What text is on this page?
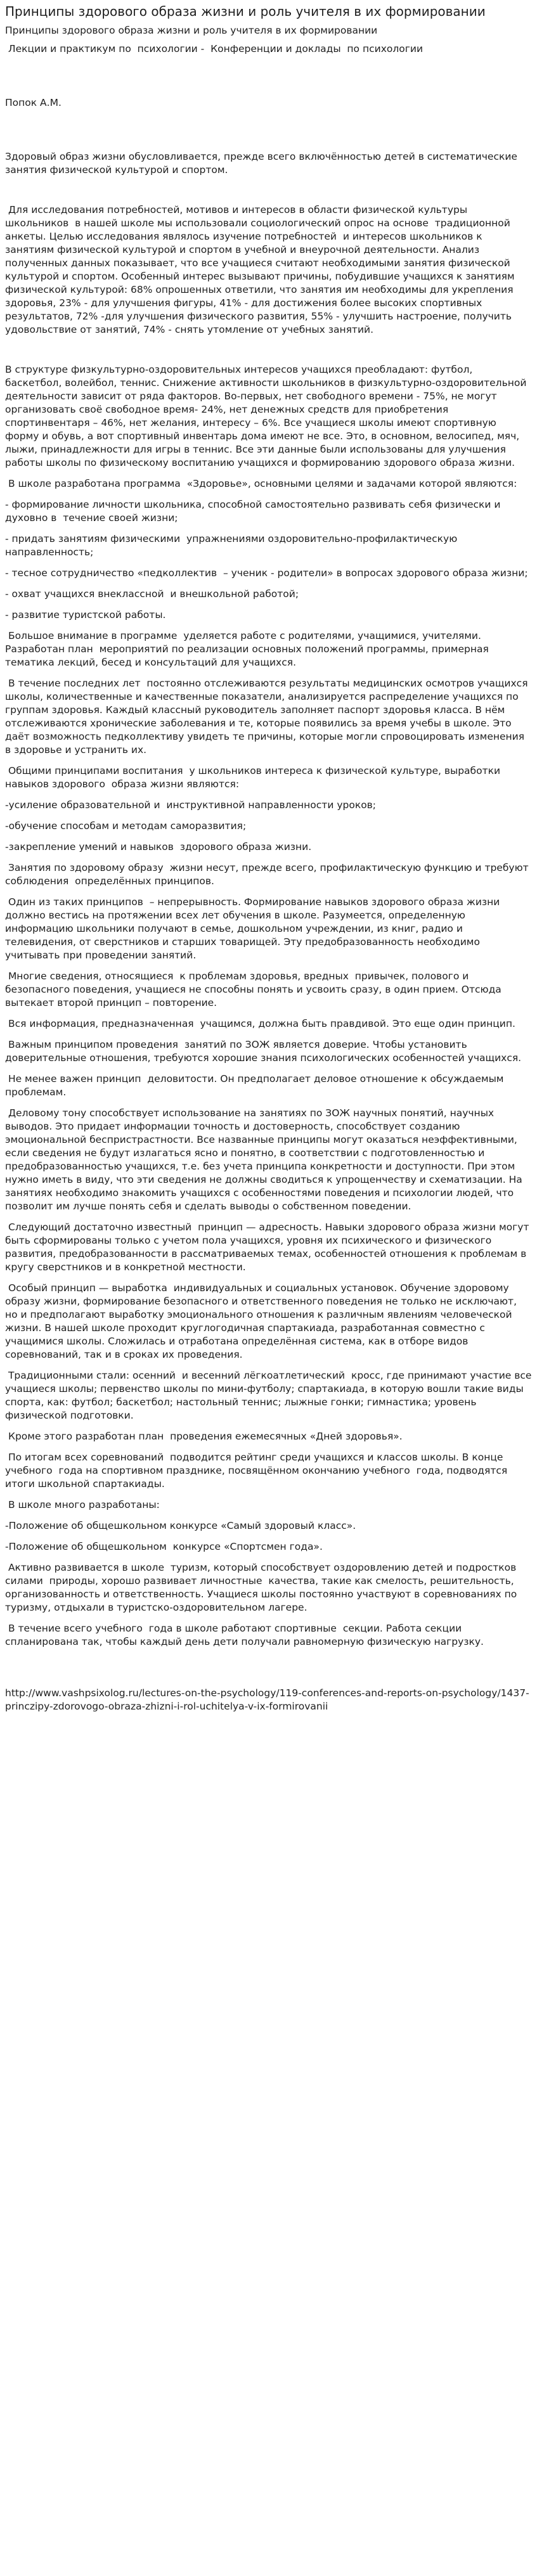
Принципы здорового образа жизни и роль учителя в их формировании
Принципы здорового образа жизни и роль учителя в их формировании
Лекции и практикум по  психологии -  Конференции и доклады  по психологии
Попок А.М.
Здоровый образ жизни обусловливается, прежде всего включённостью детей в систематические занятия физической культурой и спортом.
Для исследования потребностей, мотивов и интересов в области физической культуры школьников  в нашей школе мы использовали социологический опрос на основе  традиционной анкеты. Целью исследования являлось изучение потребностей  и интересов школьников к занятиям физической культурой и спортом в учебной и внеурочной деятельности. Анализ полученных данных показывает, что все учащиеся считают необходимыми занятия физической культурой и спортом. Особенный интерес вызывают причины, побудившие учащихся к занятиям физической культурой: 68% опрошенных ответили, что занятия им необходимы для укрепления здоровья, 23% - для улучшения фигуры, 41% - для достижения более высоких спортивных результатов, 72% -для улучшения физического развития, 55% - улучшить настроение, получить удовольствие от занятий, 74% - снять утомление от учебных занятий.
В структуре физкультурно-оздоровительных интересов учащихся преобладают: футбол, баскетбол, волейбол, теннис. Снижение активности школьников в физкультурно-оздоровительной деятельности зависит от ряда факторов. Во-первых, нет свободного времени - 75%, не могут организовать своё свободное время- 24%, нет денежных средств для приобретения спортинвентаря – 46%, нет желания, интересу – 6%. Все учащиеся школы имеют спортивную форму и обувь, а вот спортивный инвентарь дома имеют не все. Это, в основном, велосипед, мяч, лыжи, принадлежности для игры в теннис. Все эти данные были использованы для улучшения работы школы по физическому воспитанию учащихся и формированию здорового образа жизни.
В школе разработана программа  «Здоровье», основными целями и задачами которой являются:
- формирование личности школьника, способной самостоятельно развивать себя физически и духовно в  течение своей жизни;
- придать занятиям физическими  упражнениями оздоровительно-профилактическую  направленность;
- тесное сотрудничество «педколлектив  – ученик - родители» в вопросах здорового образа жизни;
- охват учащихся внеклассной  и внешкольной работой;
- развитие туристской работы.
Большое внимание в программе  уделяется работе с родителями, учащимися, учителями. Разработан план  мероприятий по реализации основных положений программы, примерная тематика лекций, бесед и консультаций для учащихся.
В течение последних лет  постоянно отслеживаются результаты медицинских осмотров учащихся  школы, количественные и качественные показатели, анализируется распределение учащихся по группам здоровья. Каждый классный руководитель заполняет паспорт здоровья класса. В нём отслеживаются хронические заболевания и те, которые появились за время учебы в школе. Это даёт возможность педколлективу увидеть те причины, которые могли спровоцировать изменения в здоровье и устранить их.
Общими принципами воспитания  у школьников интереса к физической культуре, выработки навыков здорового  образа жизни являются:
-усиление образовательной и  инструктивной направленности уроков;
-обучение способам и методам саморазвития;
-закрепление умений и навыков  здорового образа жизни.
Занятия по здоровому образу  жизни несут, прежде всего, профилактическую функцию и требуют соблюдения  определённых принципов.
Один из таких принципов  – непрерывность. Формирование навыков здорового образа жизни должно вестись на протяжении всех лет обучения в школе. Разумеется, определенную информацию школьники получают в семье, дошкольном учреждении, из книг, радио и телевидения, от сверстников и старших товарищей. Эту предобразованность необходимо учитывать при проведении занятий.
Многие сведения, относящиеся  к проблемам здоровья, вредных  привычек, полового и безопасного поведения, учащиеся не способны понять и усвоить сразу, в один прием. Отсюда вытекает второй принцип – повторение.
Вся информация, предназначенная  учащимся, должна быть правдивой. Это еще один принцип.
Важным принципом проведения  занятий по ЗОЖ является доверие. Чтобы установить доверительные отношения, требуются хорошие знания психологических особенностей учащихся.
Не менее важен принцип  деловитости. Он предполагает деловое отношение к обсуждаемым проблемам.
Деловому тону способствует использование на занятиях по ЗОЖ научных понятий, научных выводов. Это придает информации точность и достоверность, способствует созданию эмоциональной беспристрастности. Все названные принципы могут оказаться неэффективными, если сведения не будут излагаться ясно и понятно, в соответствии с подготовленностью и предобразованностью учащихся, т.е. без учета принципа конкретности и доступности. При этом нужно иметь в виду, что эти сведения не должны сводиться к упрощенчеству и схематизации. На занятиях необходимо знакомить учащихся с особенностями поведения и психологии людей, что позволит им лучше понять себя и сделать выводы о собственном поведении.
Следующий достаточно известный  принцип — адресность. Навыки здорового образа жизни могут  быть сформированы только с учетом пола учащихся, уровня их психического и физического развития, предобразованности в рассматриваемых темах, особенностей отношения к проблемам в кругу сверстников и в конкретной местности.
Особый принцип — выработка  индивидуальных и социальных установок. Обучение здоровому образу жизни, формирование безопасного и ответственного поведения не только не исключают, но и предполагают выработку эмоционального отношения к различным явлениям человеческой жизни. В нашей школе проходит круглогодичная спартакиада, разработанная совместно с учащимися школы. Сложилась и отработана определённая система, как в отборе видов соревнований, так и в сроках их проведения.
Традиционными стали: осенний  и весенний лёгкоатлетический  кросс, где принимают участие все учащиеся школы; первенство школы по мини-футболу; спартакиада, в которую вошли такие виды спорта, как: футбол; баскетбол; настольный теннис; лыжные гонки; гимнастика; уровень физической подготовки.
Кроме этого разработан план  проведения ежемесячных «Дней здоровья».
По итогам всех соревнований  подводится рейтинг среди учащихся и классов школы. В конце учебного  года на спортивном празднике, посвящённом окончанию учебного  года, подводятся итоги школьной спартакиады.
В школе много разработаны:
-Положение об общешкольном конкурсе «Самый здоровый класс».
-Положение об общешкольном  конкурсе «Спортсмен года».
Активно развивается в школе  туризм, который способствует оздоровлению детей и подростков силами  природы, хорошо развивает личностные  качества, такие как смелость, решительность, организованность и ответственность. Учащиеся школы постоянно участвуют в соревнованиях по туризму, отдыхали в туристско-оздоровительном лагере.
В течение всего учебного  года в школе работают спортивные  секции. Работа секции спланирована так, чтобы каждый день дети получали равномерную физическую нагрузку.
http://www.vashpsixolog.ru/lectures-on-the-psychology/119-conferences-and-reports-on-psychology/1437-princzipy-zdorovogo-obraza-zhizni-i-rol-uchitelya-v-ix-formirovanii
